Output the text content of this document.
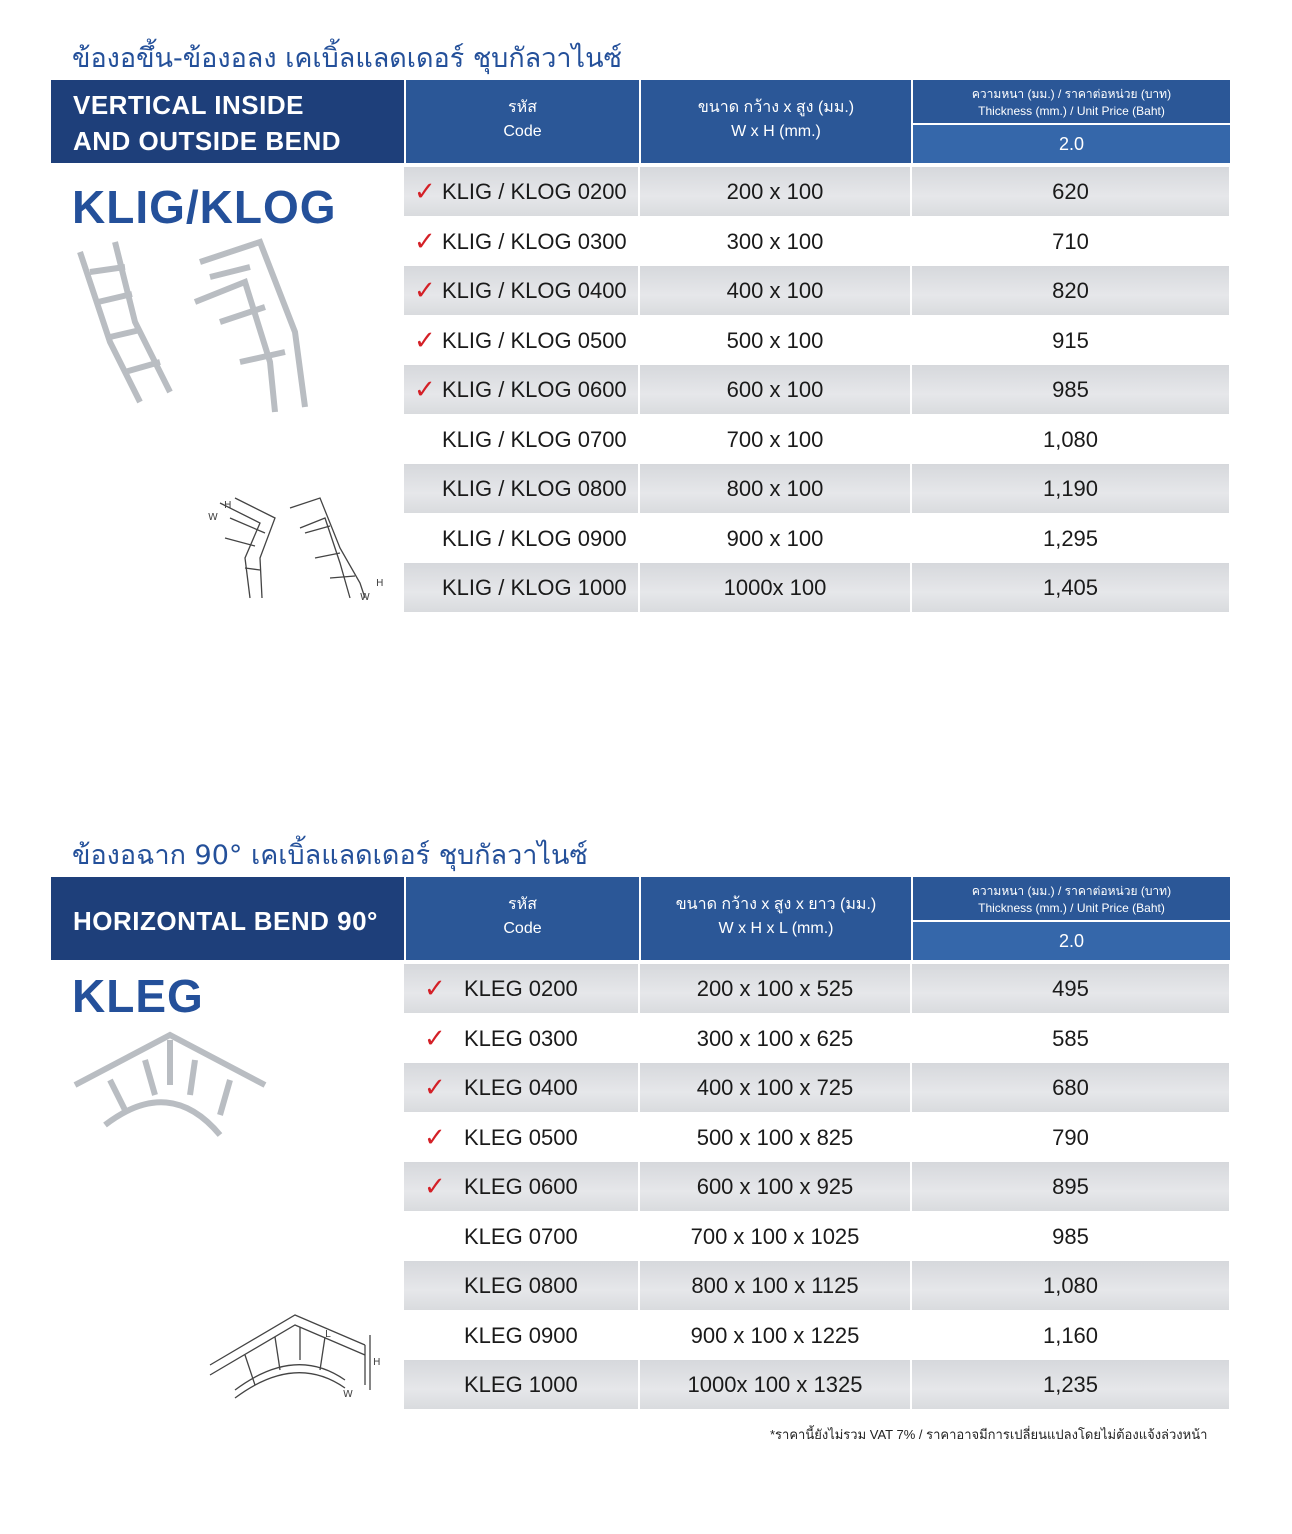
ข้องอขึ้น-ข้องอลง เคเบิ้ลแลดเดอร์ ชุบกัลวาไนซ์
VERTICAL INSIDE
AND OUTSIDE BEND
รหัส
Code
ขนาด กว้าง x สูง (มม.)
W x H (mm.)
ความหนา (มม.) / ราคาต่อหน่วย (บาท)
Thickness (mm.) / Unit Price (Baht)
2.0
KLIG/KLOG
W
H
W
H
✓ KLIG / KLOG 0200	200 x 100	620
✓ KLIG / KLOG 0300	300 x 100	710
✓ KLIG / KLOG 0400	400 x 100	820
✓ KLIG / KLOG 0500	500 x 100	915
✓ KLIG / KLOG 0600	600 x 100	985
KLIG / KLOG 0700	700 x 100	1,080
KLIG / KLOG 0800	800 x 100	1,190
KLIG / KLOG 0900	900 x 100	1,295
KLIG / KLOG 1000	1000x 100	1,405
ข้องอฉาก 90° เคเบิ้ลแลดเดอร์ ชุบกัลวาไนซ์
HORIZONTAL BEND 90°
รหัส
Code
ขนาด กว้าง x สูง x ยาว (มม.)
W x H x L (mm.)
ความหนา (มม.) / ราคาต่อหน่วย (บาท)
Thickness (mm.) / Unit Price (Baht)
2.0
KLEG
L
H
W
✓ KLEG 0200	200 x 100 x 525	495
✓ KLEG 0300	300 x 100 x 625	585
✓ KLEG 0400	400 x 100 x 725	680
✓ KLEG 0500	500 x 100 x 825	790
✓ KLEG 0600	600 x 100 x 925	895
KLEG 0700	700 x 100 x 1025	985
KLEG 0800	800 x 100 x 1125	1,080
KLEG 0900	900 x 100 x 1225	1,160
KLEG 1000	1000x 100 x 1325	1,235
*ราคานี้ยังไม่รวม VAT 7% / ราคาอาจมีการเปลี่ยนแปลงโดยไม่ต้องแจ้งล่วงหน้า
